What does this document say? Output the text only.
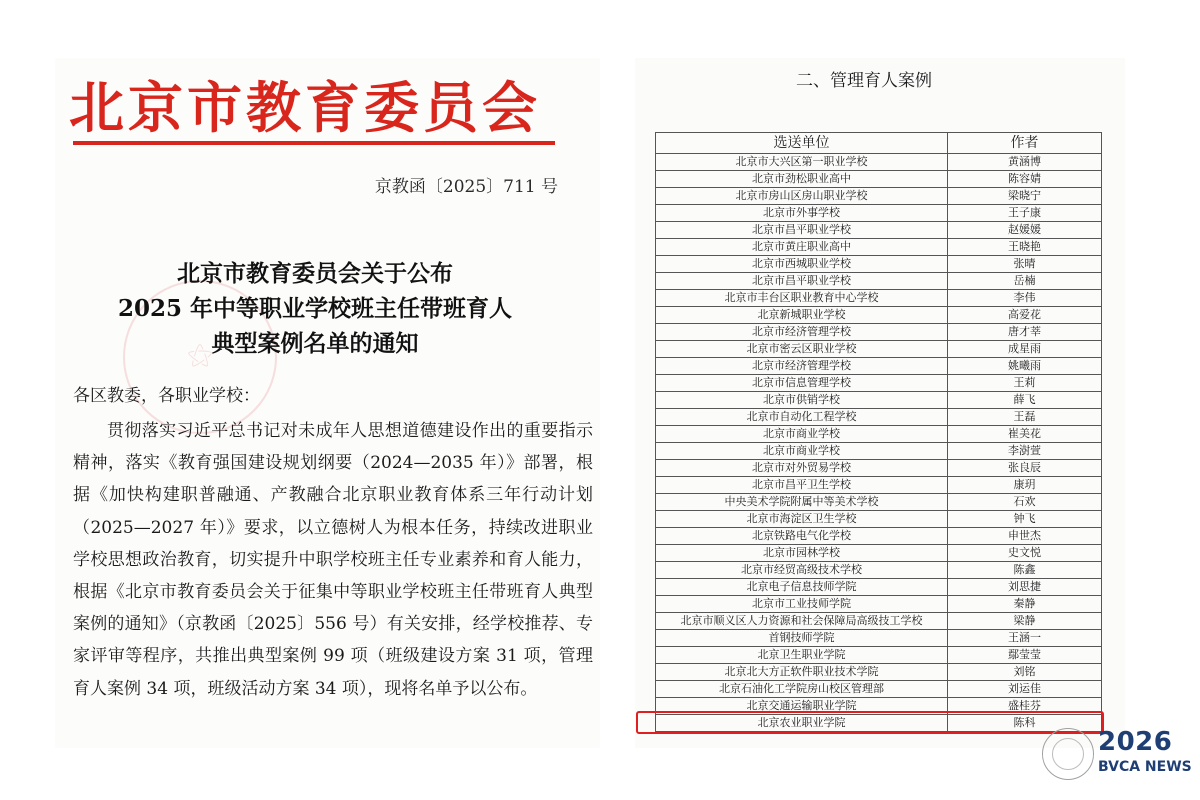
北京市教育委员会
京教函〔2025〕711 号
⚝
北京市教育委员会关于公布
2025 年中等职业学校班主任带班育人
典型案例名单的通知
各区教委，各职业学校：

贯彻落实习近平总书记对未成年人思想道德建设作出的重要指示精神，落实《教育强国建设规划纲要（2024—2035 年）》部署，根据《加快构建职普融通、产教融合北京职业教育体系三年行动计划（2025—2027 年）》要求，以立德树人为根本任务，持续改进职业学校思想政治教育，切实提升中职学校班主任专业素养和育人能力，根据《北京市教育委员会关于征集中等职业学校班主任带班育人典型案例的通知》（京教函〔2025〕556 号）有关安排，经学校推荐、专家评审等程序，共推出典型案例 99 项（班级建设方案 31 项，管理育人案例 34 项，班级活动方案 34 项），现将名单予以公布。

二、管理育人案例
选送单位	作者
北京市大兴区第一职业学校	黄涵博
北京市劲松职业高中	陈容婧
北京市房山区房山职业学校	梁晓宁
北京市外事学校	王子康
北京市昌平职业学校	赵媛媛
北京市黄庄职业高中	王晓艳
北京市西城职业学校	张晴
北京市昌平职业学校	岳楠
北京市丰台区职业教育中心学校	李伟
北京新城职业学校	高爱花
北京市经济管理学校	唐才莘
北京市密云区职业学校	成星雨
北京市经济管理学校	姚曦雨
北京市信息管理学校	王莉
北京市供销学校	薛飞
北京市自动化工程学校	王磊
北京市商业学校	崔美花
北京市商业学校	李澍萱
北京市对外贸易学校	张良辰
北京市昌平卫生学校	康玥
中央美术学院附属中等美术学校	石欢
北京市海淀区卫生学校	钟飞
北京铁路电气化学校	申世杰
北京市园林学校	史文悦
北京市经贸高级技术学校	陈鑫
北京电子信息技师学院	刘思捷
北京市工业技师学院	秦静
北京市顺义区人力资源和社会保障局高级技工学校	梁静
首钢技师学院	王涵一
北京卫生职业学院	鄢莹莹
北京北大方正软件职业技术学院	刘铭
北京石油化工学院房山校区管理部	刘运佳
北京交通运输职业学院	盛桂芬
北京农业职业学院	陈科
2026
BVCA NEWS
